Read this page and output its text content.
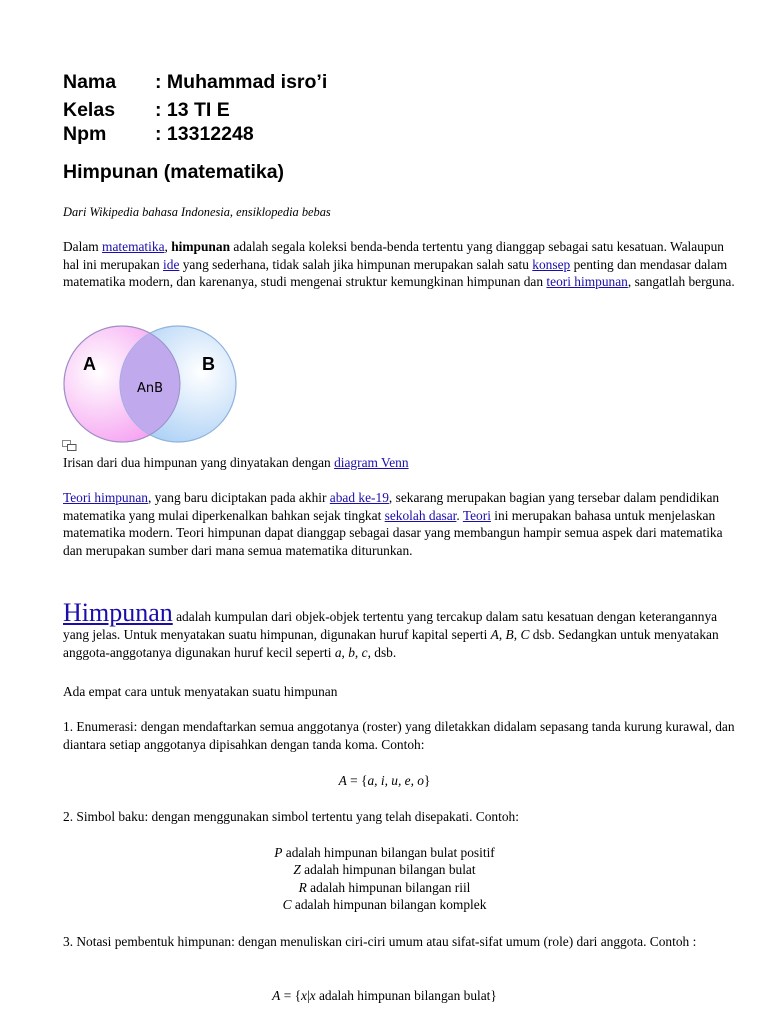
Nama : Muhammad isro’i
Kelas : 13 TI E
Npm : 13312248
Himpunan (matematika)
Dari Wikipedia bahasa Indonesia, ensiklopedia bebas
Dalam matematika, himpunan adalah segala koleksi benda-benda tertentu yang dianggap sebagai satu kesatuan. Walaupun hal ini merupakan ide yang sederhana, tidak salah jika himpunan merupakan salah satu konsep penting dan mendasar dalam matematika modern, dan karenanya, studi mengenai struktur kemungkinan himpunan dan teori himpunan, sangatlah berguna.
A	B
AnB
Irisan dari dua himpunan yang dinyatakan dengan diagram Venn
Teori himpunan, yang baru diciptakan pada akhir abad ke-19, sekarang merupakan bagian yang tersebar dalam pendidikan matematika yang mulai diperkenalkan bahkan sejak tingkat sekolah dasar. Teori ini merupakan bahasa untuk menjelaskan matematika modern. Teori himpunan dapat dianggap sebagai dasar yang membangun hampir semua aspek dari matematika dan merupakan sumber dari mana semua matematika diturunkan.
Himpunan adalah kumpulan dari objek-objek tertentu yang tercakup dalam satu kesatuan dengan keterangannya yang jelas. Untuk menyatakan suatu himpunan, digunakan huruf kapital seperti A, B, C dsb. Sedangkan untuk menyatakan anggota-anggotanya digunakan huruf kecil seperti a, b, c, dsb.
Ada empat cara untuk menyatakan suatu himpunan
1. Enumerasi: dengan mendaftarkan semua anggotanya (roster) yang diletakkan didalam sepasang tanda kurung kurawal, dan diantara setiap anggotanya dipisahkan dengan tanda koma. Contoh:
A = {a, i, u, e, o}
2. Simbol baku: dengan menggunakan simbol tertentu yang telah disepakati. Contoh:
P adalah himpunan bilangan bulat positif
Z adalah himpunan bilangan bulat
R adalah himpunan bilangan riil
C adalah himpunan bilangan komplek
3. Notasi pembentuk himpunan: dengan menuliskan ciri-ciri umum atau sifat-sifat umum (role) dari anggota. Contoh :
A = {x|x adalah himpunan bilangan bulat}
